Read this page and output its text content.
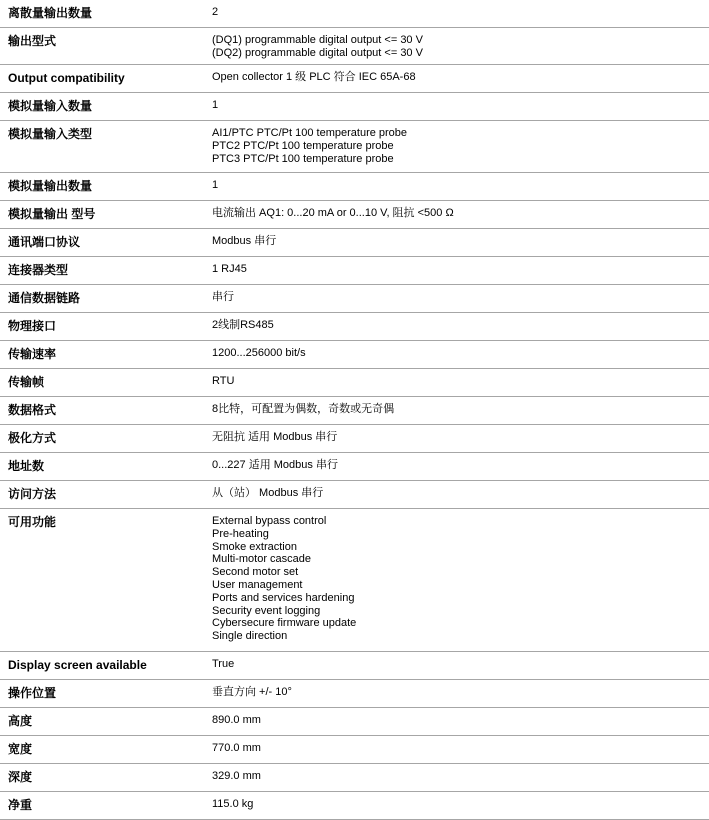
离散量输出数量	2
输出型式	(DQ1) programmable digital output <= 30 V
(DQ2) programmable digital output <= 30 V
Output compatibility	Open collector 1 级 PLC 符合 IEC 65A-68
模拟量输入数量	1
模拟量输入类型	AI1/PTC PTC/Pt 100 temperature probe
PTC2 PTC/Pt 100 temperature probe
PTC3 PTC/Pt 100 temperature probe
模拟量输出数量	1
模拟量输出 型号	电流输出 AQ1: 0...20 mA or 0...10 V, 阻抗 <500 Ω
通讯端口协议	Modbus 串行
连接器类型	1 RJ45
通信数据链路	串行
物理接口	2线制RS485
传输速率	1200...256000 bit/s
传输帧	RTU
数据格式	8比特，可配置为偶数，奇数或无奇偶
极化方式	无阻抗 适用 Modbus 串行
地址数	0...227 适用 Modbus 串行
访问方法	从（站） Modbus 串行
可用功能	External bypass control
Pre-heating
Smoke extraction
Multi-motor cascade
Second motor set
User management
Ports and services hardening
Security event logging
Cybersecure firmware update
Single direction
Display screen available	True
操作位置	垂直方向 +/- 10°
高度	890.0 mm
宽度	770.0 mm
深度	329.0 mm
净重	115.0 kg
